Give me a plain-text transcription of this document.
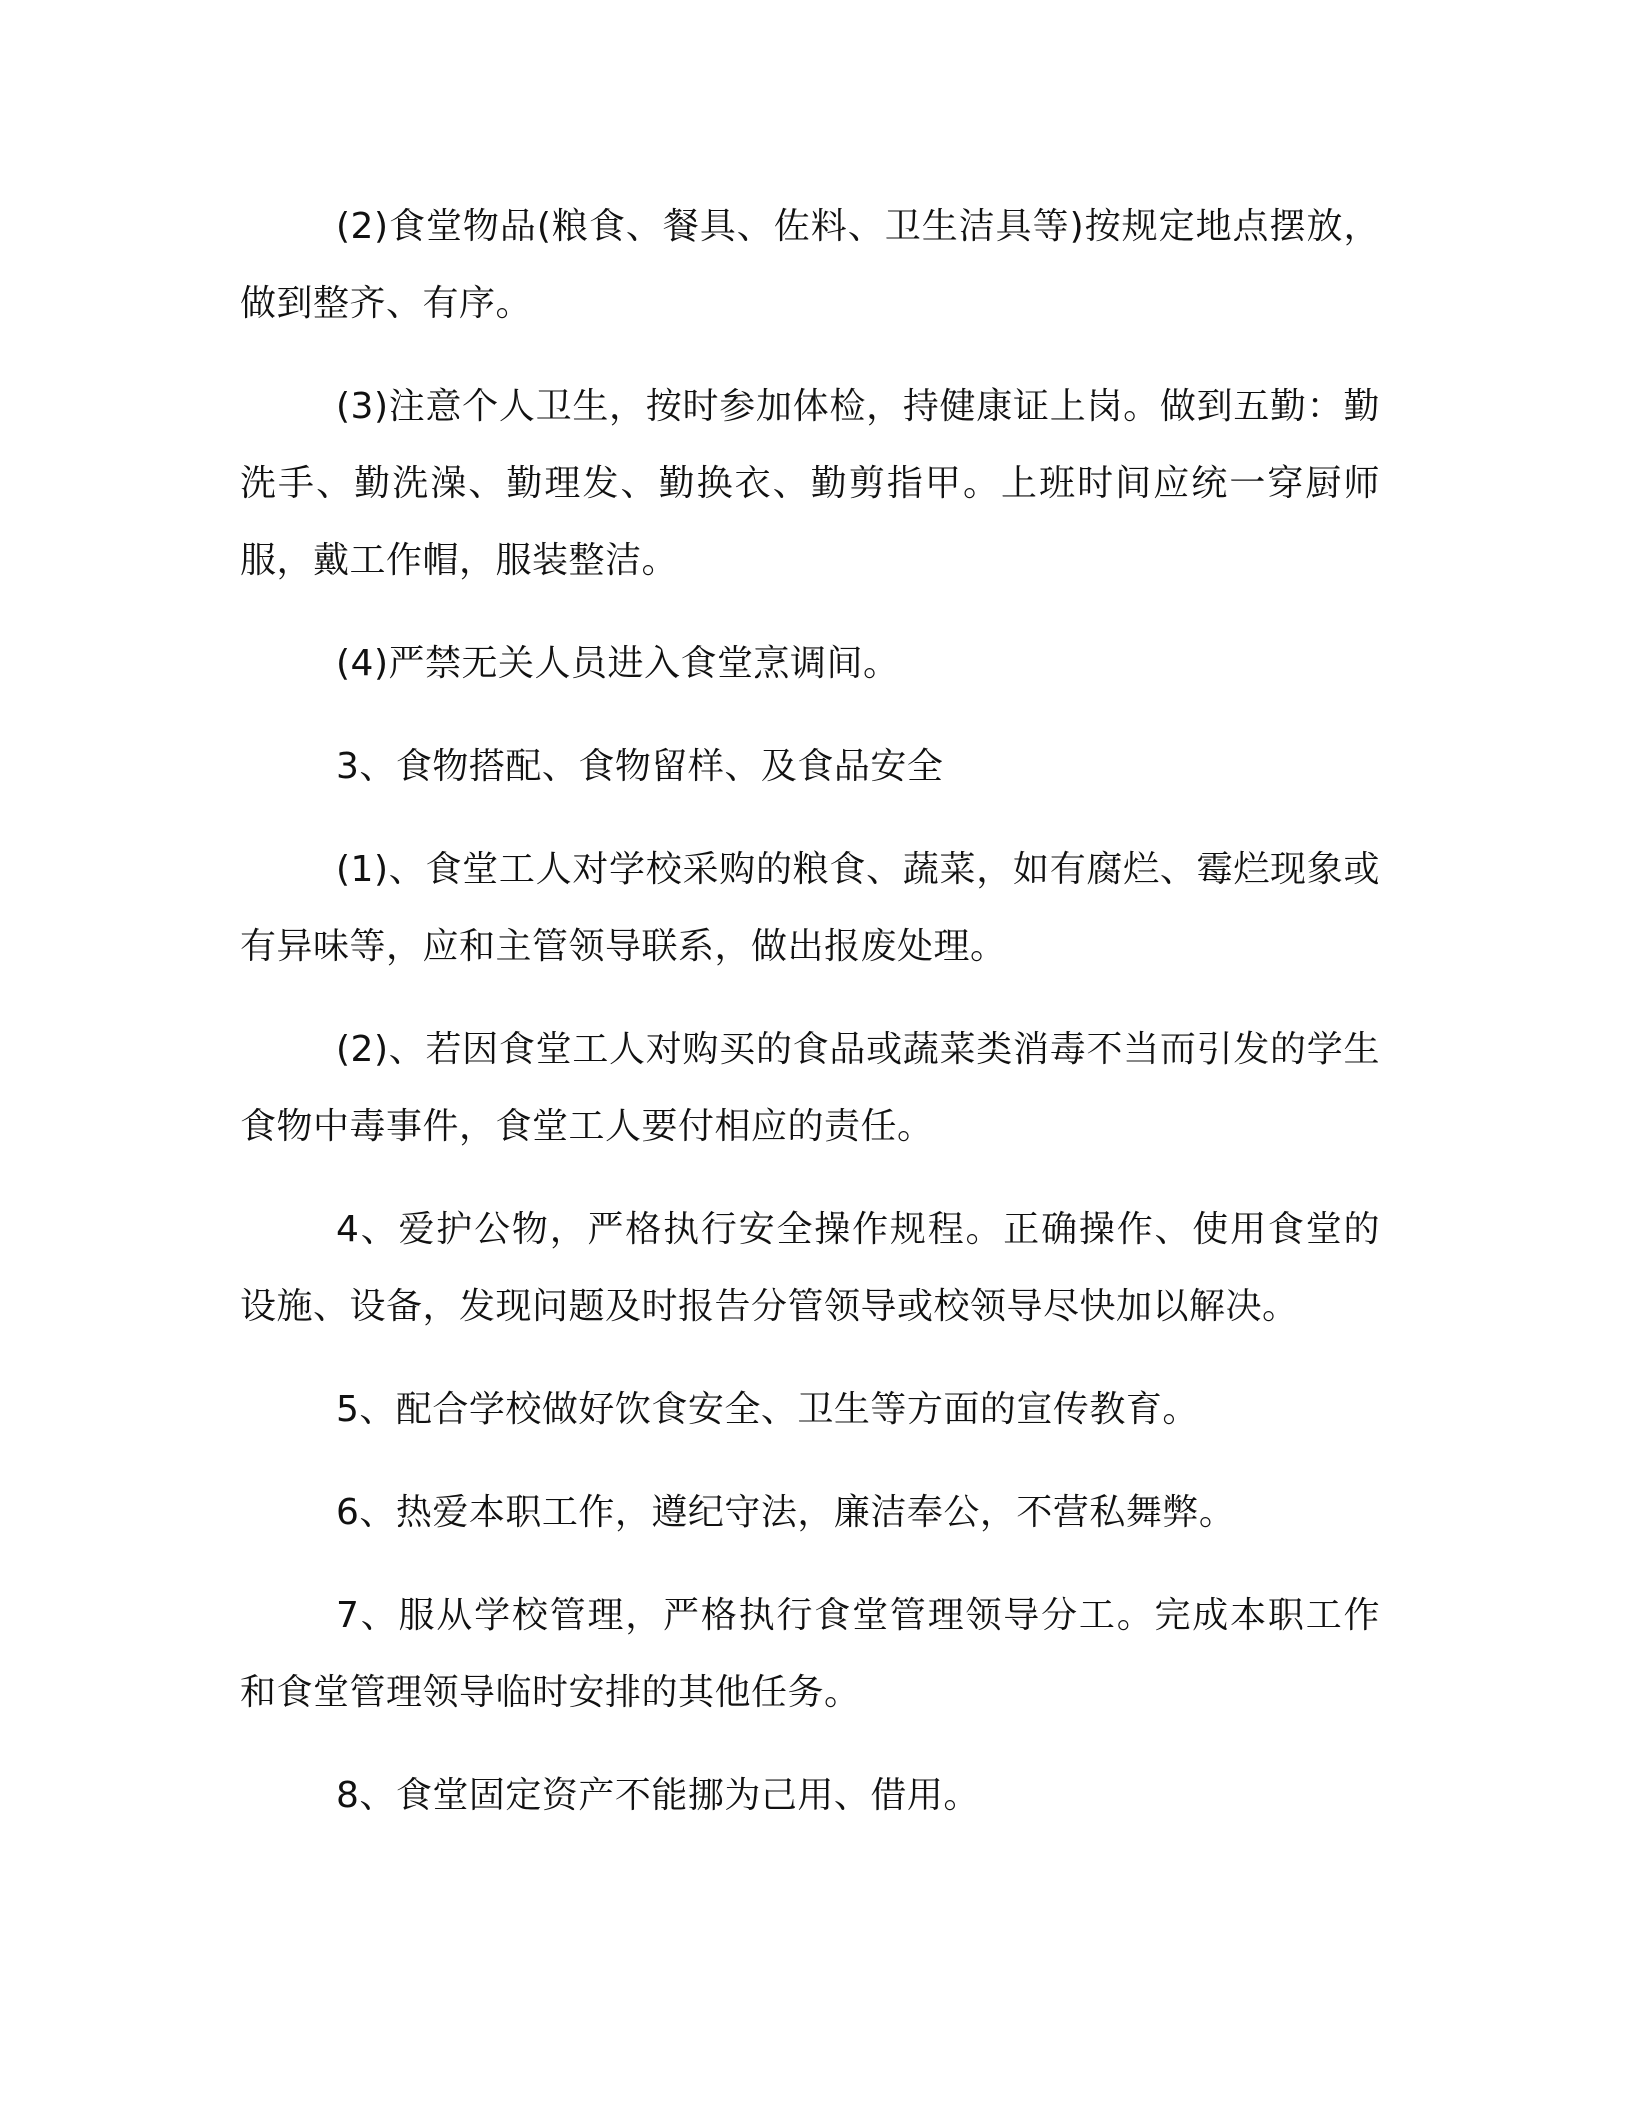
(2)食堂物品(粮食、餐具、佐料、卫生洁具等)按规定地点摆放，做到整齐、有序。

(3)注意个人卫生，按时参加体检，持健康证上岗。做到五勤：勤洗手、勤洗澡、勤理发、勤换衣、勤剪指甲。上班时间应统一穿厨师服，戴工作帽，服装整洁。

(4)严禁无关人员进入食堂烹调间。

3、食物搭配、食物留样、及食品安全

(1)、食堂工人对学校采购的粮食、蔬菜，如有腐烂、霉烂现象或有异味等，应和主管领导联系，做出报废处理。

(2)、若因食堂工人对购买的食品或蔬菜类消毒不当而引发的学生食物中毒事件，食堂工人要付相应的责任。

4、爱护公物，严格执行安全操作规程。正确操作、使用食堂的设施、设备，发现问题及时报告分管领导或校领导尽快加以解决。

5、配合学校做好饮食安全、卫生等方面的宣传教育。

6、热爱本职工作，遵纪守法，廉洁奉公，不营私舞弊。

7、服从学校管理，严格执行食堂管理领导分工。完成本职工作和食堂管理领导临时安排的其他任务。

8、食堂固定资产不能挪为己用、借用。
